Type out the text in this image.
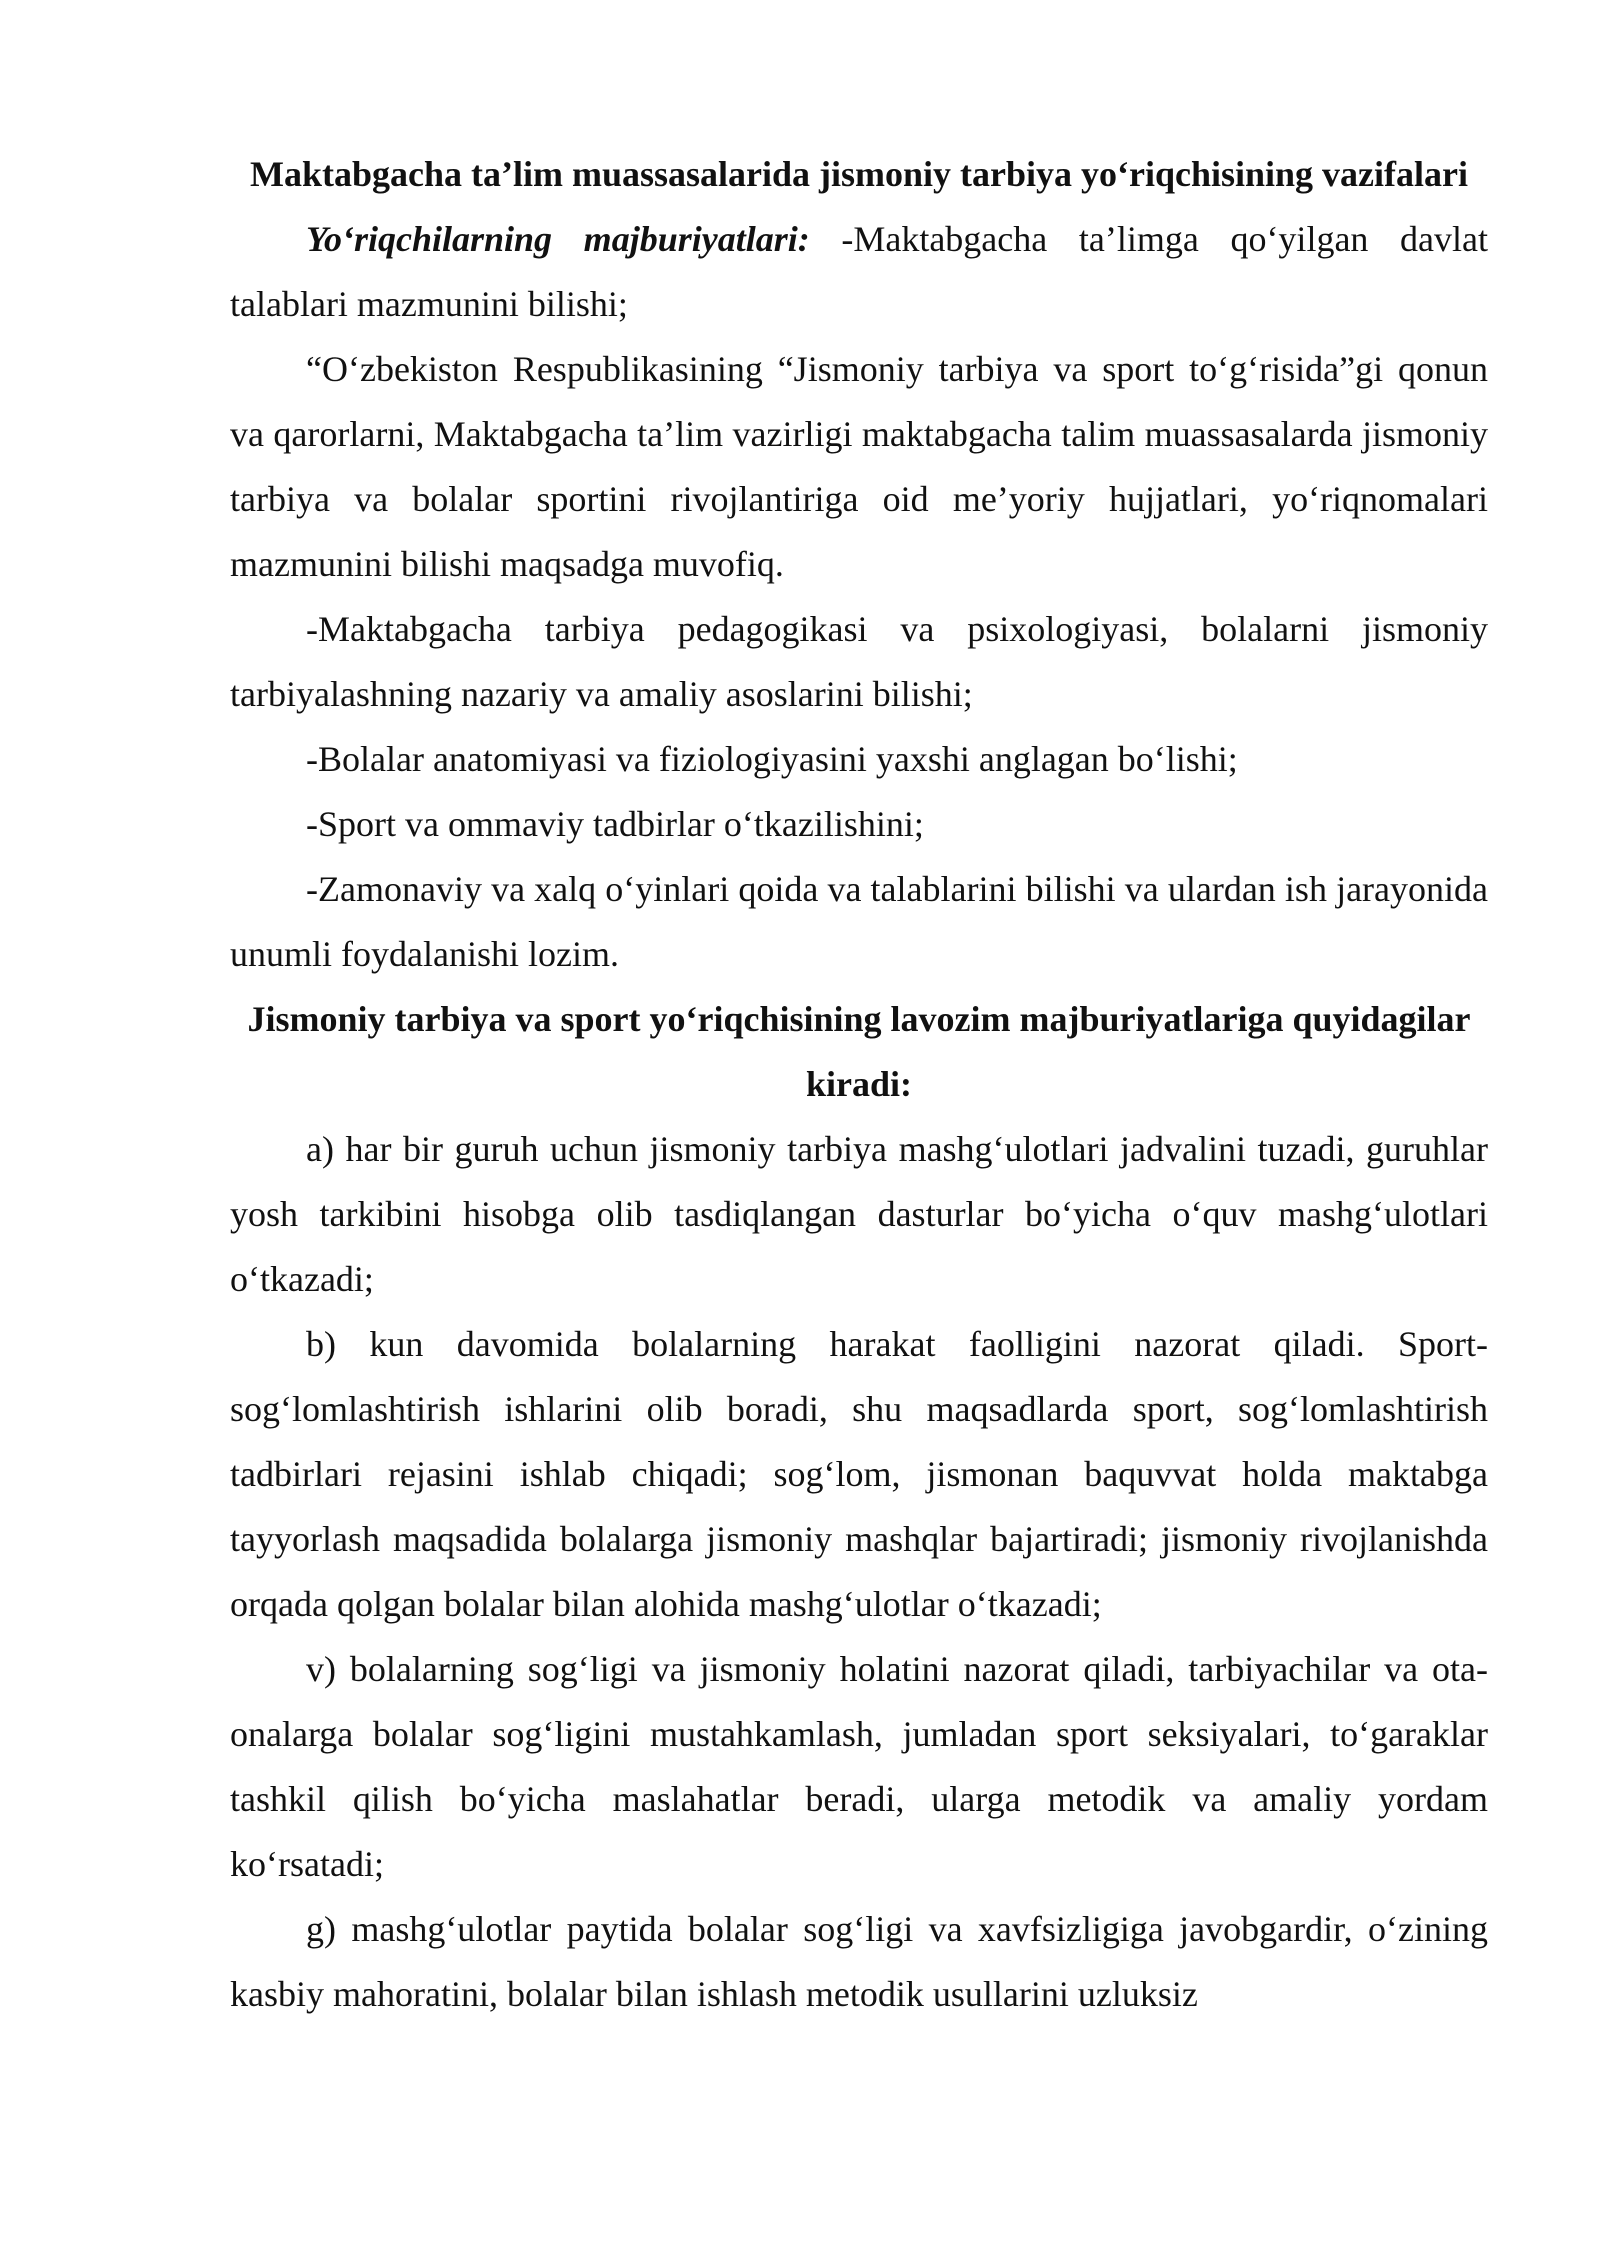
Maktabgacha ta’lim muassasalarida jismoniy tarbiya yo‘riqchisining vazifalari

Yo‘riqchilarning majburiyatlari: -Maktabgacha ta’limga qo‘yilgan davlat talablari mazmunini bilishi;

“O‘zbekiston Respublikasining “Jismoniy tarbiya va sport to‘g‘risida”gi qonun va qarorlarni, Maktabgacha ta’lim vazirligi maktabgacha talim muassasalarda jismoniy tarbiya va bolalar sportini rivojlantiriga oid me’yoriy hujjatlari, yo‘riqnomalari mazmunini bilishi maqsadga muvofiq.

-Maktabgacha tarbiya pedagogikasi va psixologiyasi, bolalarni jismoniy tarbiyalashning nazariy va amaliy asoslarini bilishi;

-Bolalar anatomiyasi va fiziologiyasini yaxshi anglagan bo‘lishi;

-Sport va ommaviy tadbirlar o‘tkazilishini;

-Zamonaviy va xalq o‘yinlari qoida va talablarini bilishi va ulardan ish jarayonida unumli foydalanishi lozim.

Jismoniy tarbiya va sport yo‘riqchisining lavozim majburiyatlariga quyidagilar kiradi:

a) har bir guruh uchun jismoniy tarbiya mashg‘ulotlari jadvalini tuzadi, guruhlar yosh tarkibini hisobga olib tasdiqlangan dasturlar bo‘yicha o‘quv mashg‘ulotlari o‘tkazadi;

b) kun davomida bolalarning harakat faolligini nazorat qiladi. Sport-sog‘lomlashtirish ishlarini olib boradi, shu maqsadlarda sport, sog‘lomlashtirish tadbirlari rejasini ishlab chiqadi; sog‘lom, jismonan baquvvat holda maktabga tayyorlash maqsadida bolalarga jismoniy mashqlar bajartiradi; jismoniy rivojlanishda orqada qolgan bolalar bilan alohida mashg‘ulotlar o‘tkazadi;

v) bolalarning sog‘ligi va jismoniy holatini nazorat qiladi, tarbiyachilar va ota-onalarga bolalar sog‘ligini mustahkamlash, jumladan sport seksiyalari, to‘garaklar tashkil qilish bo‘yicha maslahatlar beradi, ularga metodik va amaliy yordam ko‘rsatadi;

g) mashg‘ulotlar paytida bolalar sog‘ligi va xavfsizligiga javobgardir, o‘zining kasbiy mahoratini, bolalar bilan ishlash metodik usullarini uzluksiz
